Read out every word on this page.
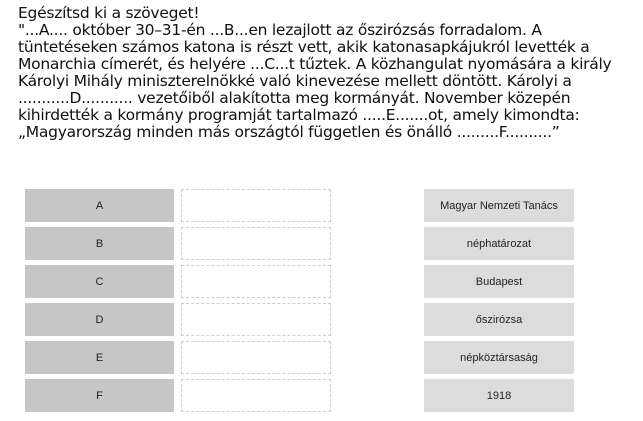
Egészítsd ki a szöveget!

"...A.... október 30–31-én ...B...en lezajlott az őszirózsás forradalom. A tüntetéseken számos katona is részt vett, akik katonasapkájukról levették a Monarchia címerét, és helyére ...C...t tűztek. A közhangulat nyomására a király Károlyi Mihály miniszterelnökké való kinevezése mellett döntött. Károlyi a ...........D........... vezetőiből alakította meg kormányát. November közepén kihirdették a kormány programját tartalmazó .....E.......ot, amely kimondta: „Magyarország minden más országtól független és önálló .........F..........”

A
B
C
D
E
F
Magyar Nemzeti Tanács
néphatározat
Budapest
őszirózsa
népköztársaság
1918
